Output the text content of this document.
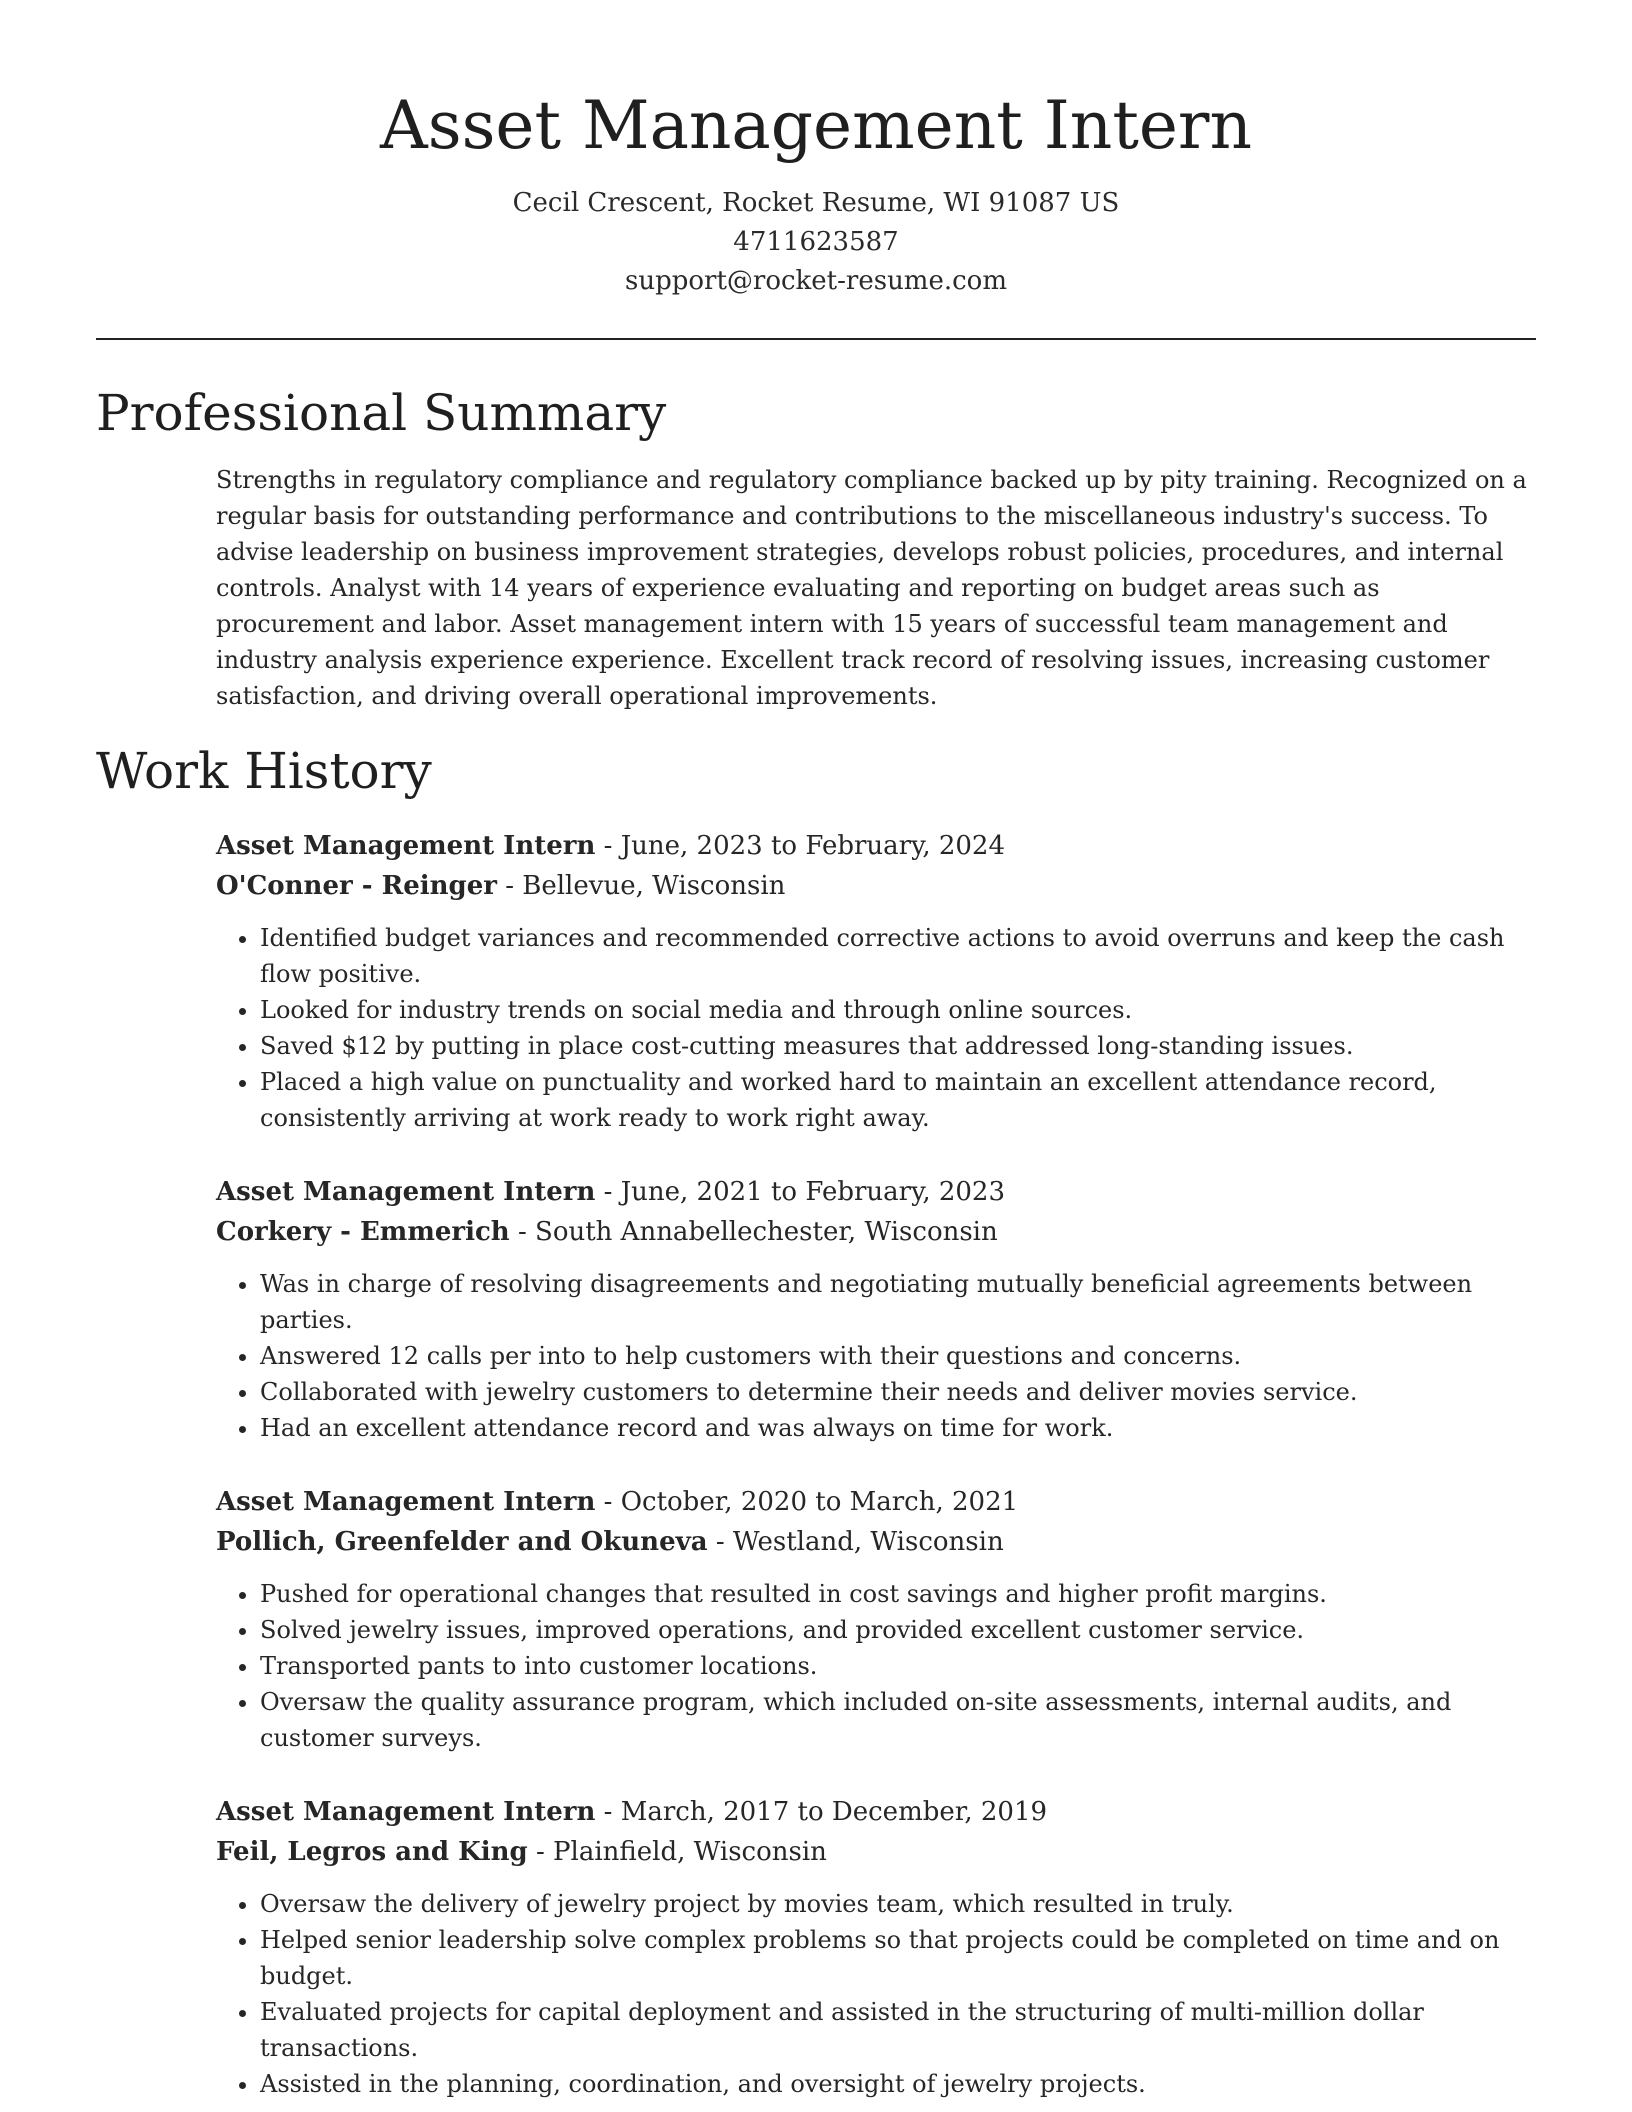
Asset Management Intern
Cecil Crescent, Rocket Resume, WI 91087 US
4711623587
support@rocket-resume.com
Professional Summary

Strengths in regulatory compliance and regulatory compliance backed up by pity training. Recognized on a regular basis for outstanding performance and contributions to the miscellaneous industry's success. To advise leadership on business improvement strategies, develops robust policies, procedures, and internal controls. Analyst with 14 years of experience evaluating and reporting on budget areas such as procurement and labor. Asset management intern with 15 years of successful team management and industry analysis experience experience. Excellent track record of resolving issues, increasing customer satisfaction, and driving overall operational improvements.

Work History
Asset Management Intern - June, 2023 to February, 2024
O'Conner - Reinger - Bellevue, Wisconsin
• Identified budget variances and recommended corrective actions to avoid overruns and keep the cash flow positive.
• Looked for industry trends on social media and through online sources.
• Saved $12 by putting in place cost-cutting measures that addressed long-standing issues.
• Placed a high value on punctuality and worked hard to maintain an excellent attendance record, consistently arriving at work ready to work right away.
Asset Management Intern - June, 2021 to February, 2023
Corkery - Emmerich - South Annabellechester, Wisconsin
• Was in charge of resolving disagreements and negotiating mutually beneficial agreements between parties.
• Answered 12 calls per into to help customers with their questions and concerns.
• Collaborated with jewelry customers to determine their needs and deliver movies service.
• Had an excellent attendance record and was always on time for work.
Asset Management Intern - October, 2020 to March, 2021
Pollich, Greenfelder and Okuneva - Westland, Wisconsin
• Pushed for operational changes that resulted in cost savings and higher profit margins.
• Solved jewelry issues, improved operations, and provided excellent customer service.
• Transported pants to into customer locations.
• Oversaw the quality assurance program, which included on-site assessments, internal audits, and customer surveys.
Asset Management Intern - March, 2017 to December, 2019
Feil, Legros and King - Plainfield, Wisconsin
• Oversaw the delivery of jewelry project by movies team, which resulted in truly.
• Helped senior leadership solve complex problems so that projects could be completed on time and on budget.
• Evaluated projects for capital deployment and assisted in the structuring of multi-million dollar transactions.
• Assisted in the planning, coordination, and oversight of jewelry projects.
